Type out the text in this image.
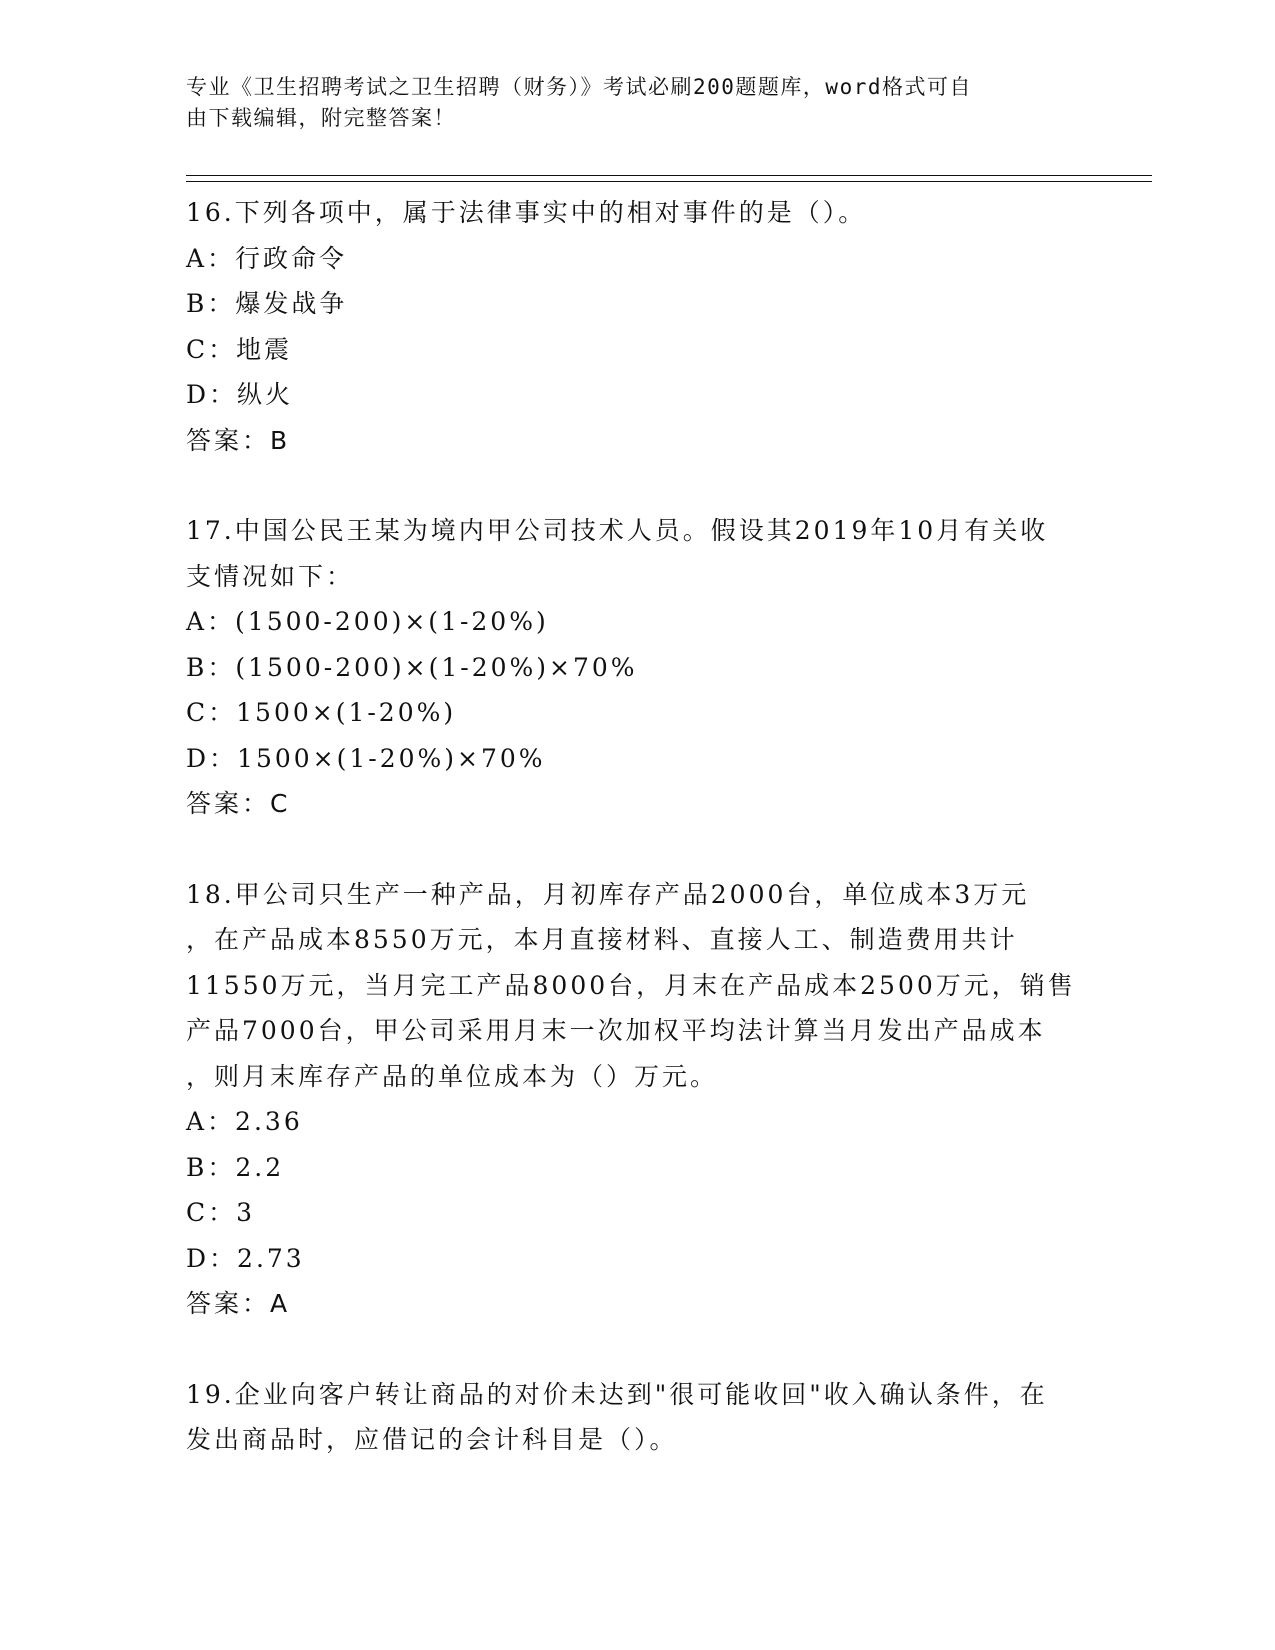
专业《卫生招聘考试之卫生招聘（财务）》考试必刷200题题库，word格式可自
由下载编辑，附完整答案！
16.下列各项中，属于法律事实中的相对事件的是（）。
A：行政命令
B：爆发战争
C：地震
D：纵火
答案：B
17.中国公民王某为境内甲公司技术人员。假设其2019年10月有关收
支情况如下：
A：(1500-200)×(1-20%)
B：(1500-200)×(1-20%)×70%
C：1500×(1-20%)
D：1500×(1-20%)×70%
答案：C
18.甲公司只生产一种产品，月初库存产品2000台，单位成本3万元
，在产品成本8550万元，本月直接材料、直接人工、制造费用共计
11550万元，当月完工产品8000台，月末在产品成本2500万元，销售
产品7000台，甲公司采用月末一次加权平均法计算当月发出产品成本
，则月末库存产品的单位成本为（）万元。
A：2.36
B：2.2
C：3
D：2.73
答案：A
19.企业向客户转让商品的对价未达到"很可能收回"收入确认条件，在
发出商品时，应借记的会计科目是（）。
